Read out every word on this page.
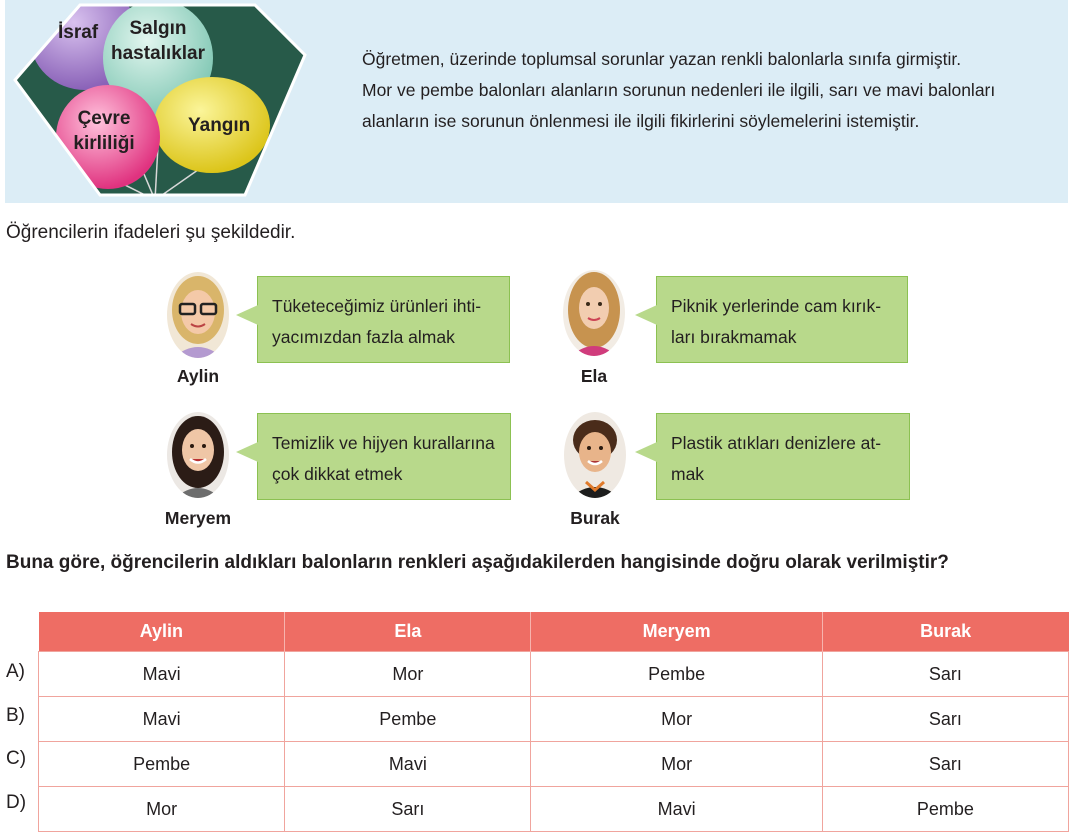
İsraf	Salgın
hastalıklar
Çevre
kirliliği
Yangın

Öğretmen, üzerinde toplumsal sorunlar yazan renkli balonlarla sınıfa girmiştir.

Mor ve pembe balonları alanların sorunun nedenleri ile ilgili, sarı ve mavi balonları

alanların ise sorunun önlenmesi ile ilgili fikirlerini söylemelerini istemiştir.

Öğrencilerin ifadeleri şu şekildedir.
Aylin
Tüketeceğimiz ürünleri ihti-
yacımızdan fazla almak
Ela
Piknik yerlerinde cam kırık-
ları bırakmamak
Meryem
Temizlik ve hijyen kurallarına
çok dikkat etmek
Burak
Plastik atıkları denizlere at-
mak
Buna göre, öğrencilerin aldıkları balonların renkleri aşağıdakilerden hangisinde doğru olarak verilmiştir?
A)
B)
C)
D)
Aylin	Ela	Meryem	Burak
Mavi	Mor	Pembe	Sarı
Mavi	Pembe	Mor	Sarı
Pembe	Mavi	Mor	Sarı
Mor	Sarı	Mavi	Pembe
